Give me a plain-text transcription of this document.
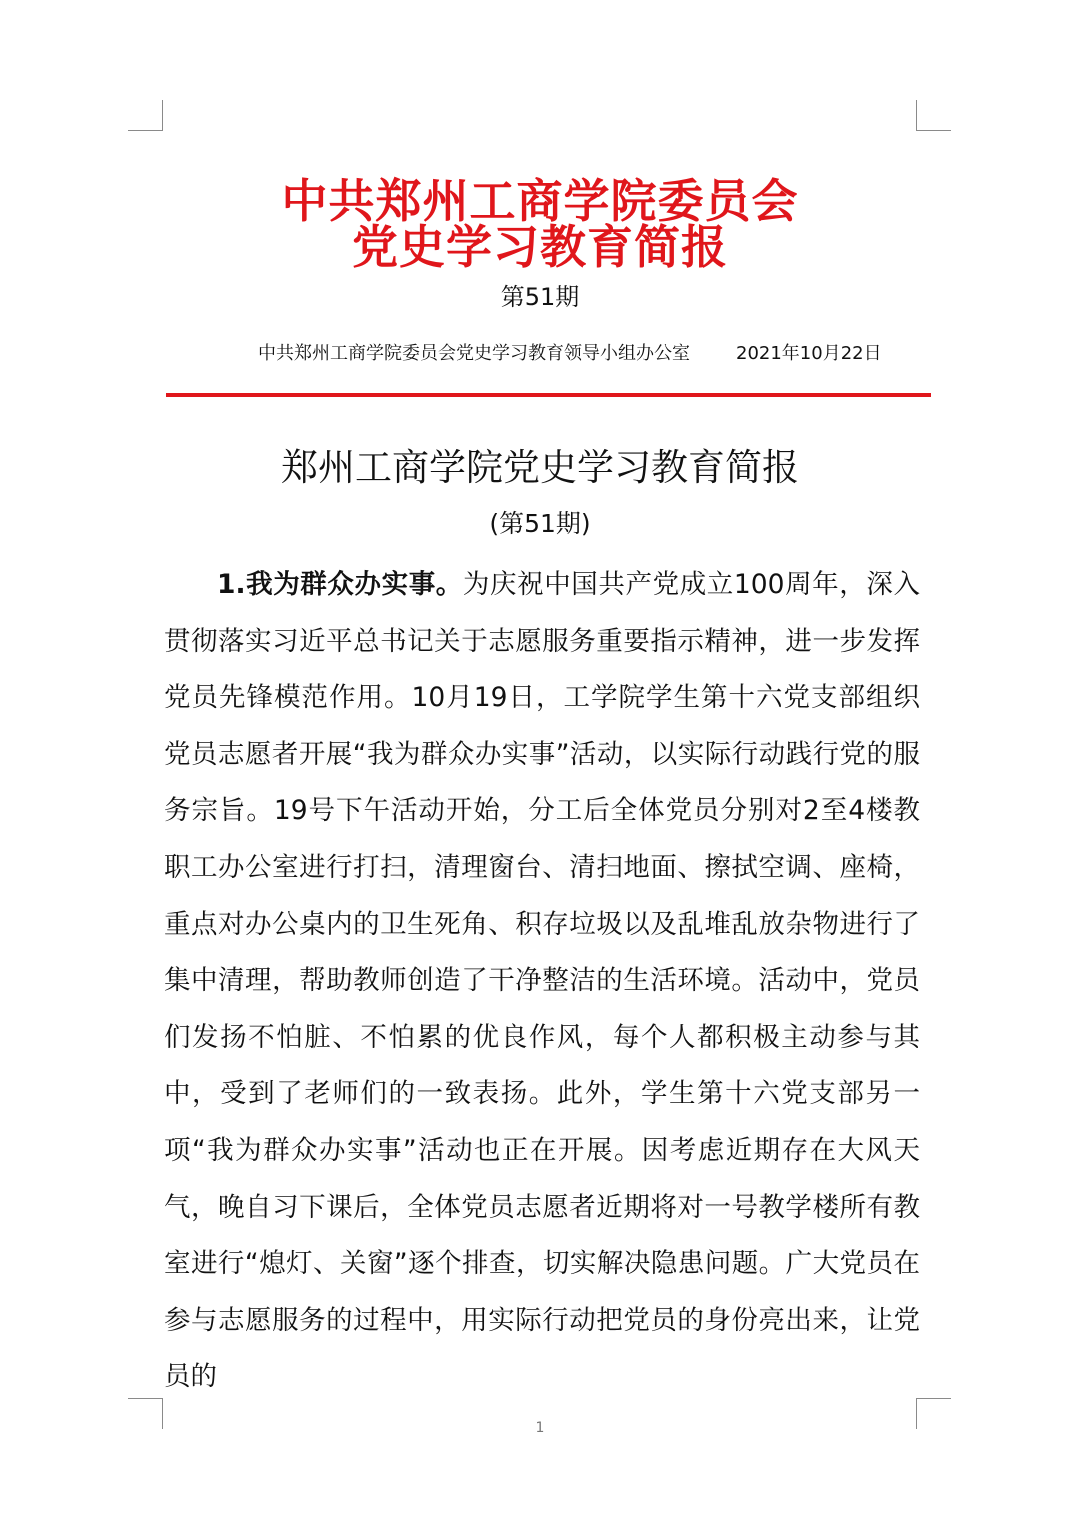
中共郑州工商学院委员会
党史学习教育简报
第51期
中共郑州工商学院委员会党史学习教育领导小组办公室	2021年10月22日
郑州工商学院党史学习教育简报
(第51期)

1.我为群众办实事。为庆祝中国共产党成立100周年，深入贯彻落实习近平总书记关于志愿服务重要指示精神，进一步发挥党员先锋模范作用。10月19日，工学院学生第十六党支部组织党员志愿者开展“我为群众办实事”活动，以实际行动践行党的服务宗旨。19号下午活动开始，分工后全体党员分别对2至4楼教职工办公室进行打扫，清理窗台、清扫地面、擦拭空调、座椅，重点对办公桌内的卫生死角、积存垃圾以及乱堆乱放杂物进行了集中清理，帮助教师创造了干净整洁的生活环境。活动中，党员们发扬不怕脏、不怕累的优良作风，每个人都积极主动参与其中，受到了老师们的一致表扬。此外，学生第十六党支部另一项“我为群众办实事”活动也正在开展。因考虑近期存在大风天气，晚自习下课后，全体党员志愿者近期将对一号教学楼所有教室进行“熄灯、关窗”逐个排查，切实解决隐患问题。广大党员在参与志愿服务的过程中，用实际行动把党员的身份亮出来，让党员的

1
